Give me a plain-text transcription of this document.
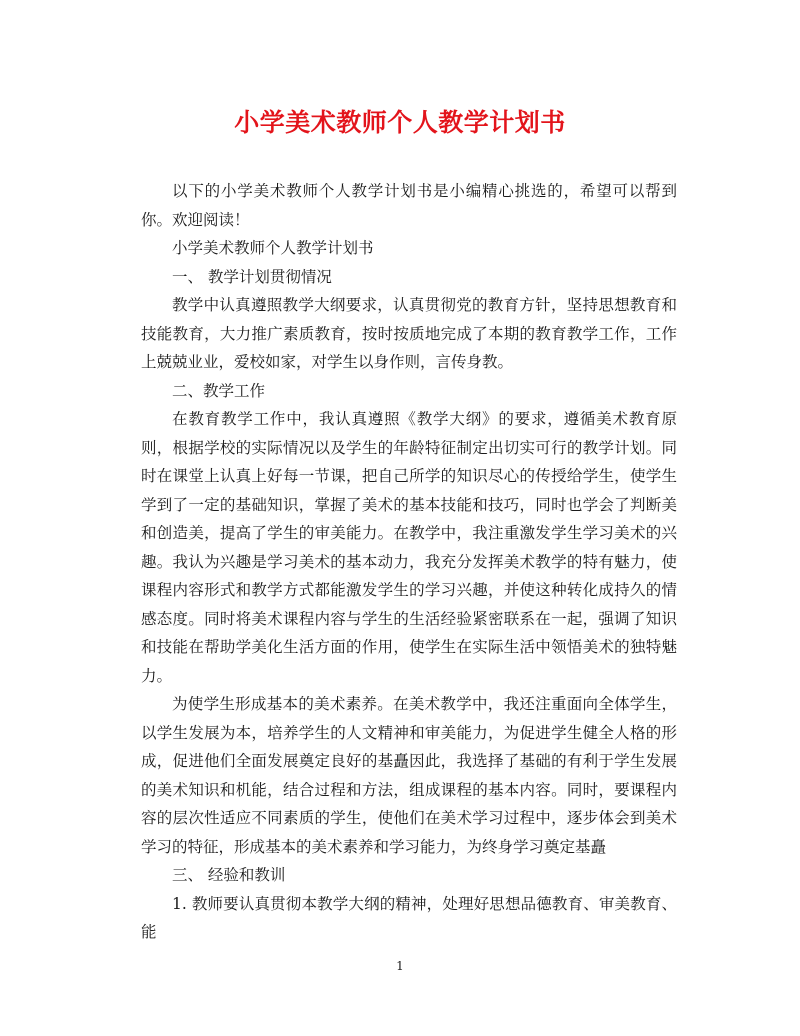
小学美术教师个人教学计划书

以下的小学美术教师个人教学计划书是小编精心挑选的，希望可以帮到你。欢迎阅读！

小学美术教师个人教学计划书

一、 教学计划贯彻情况

教学中认真遵照教学大纲要求，认真贯彻党的教育方针，坚持思想教育和技能教育，大力推广素质教育，按时按质地完成了本期的教育教学工作，工作上兢兢业业，爱校如家，对学生以身作则，言传身教。

二、教学工作

在教育教学工作中，我认真遵照《教学大纲》的要求，遵循美术教育原则，根据学校的实际情况以及学生的年龄特征制定出切实可行的教学计划。同时在课堂上认真上好每一节课，把自己所学的知识尽心的传授给学生，使学生学到了一定的基础知识，掌握了美术的基本技能和技巧，同时也学会了判断美和创造美，提高了学生的审美能力。在教学中，我注重激发学生学习美术的兴趣。我认为兴趣是学习美术的基本动力，我充分发挥美术教学的特有魅力，使课程内容形式和教学方式都能激发学生的学习兴趣，并使这种转化成持久的情感态度。同时将美术课程内容与学生的生活经验紧密联系在一起，强调了知识和技能在帮助学美化生活方面的作用，使学生在实际生活中领悟美术的独特魅力。

为使学生形成基本的美术素养。在美术教学中，我还注重面向全体学生，以学生发展为本，培养学生的人文精神和审美能力，为促进学生健全人格的形成，促进他们全面发展奠定良好的基矗因此，我选择了基础的有利于学生发展的美术知识和机能，结合过程和方法，组成课程的基本内容。同时，要课程内容的层次性适应不同素质的学生，使他们在美术学习过程中，逐步体会到美术学习的特征，形成基本的美术素养和学习能力，为终身学习奠定基矗

三、 经验和教训

1. 教师要认真贯彻本教学大纲的精神，处理好思想品德教育、审美教育、能

1
